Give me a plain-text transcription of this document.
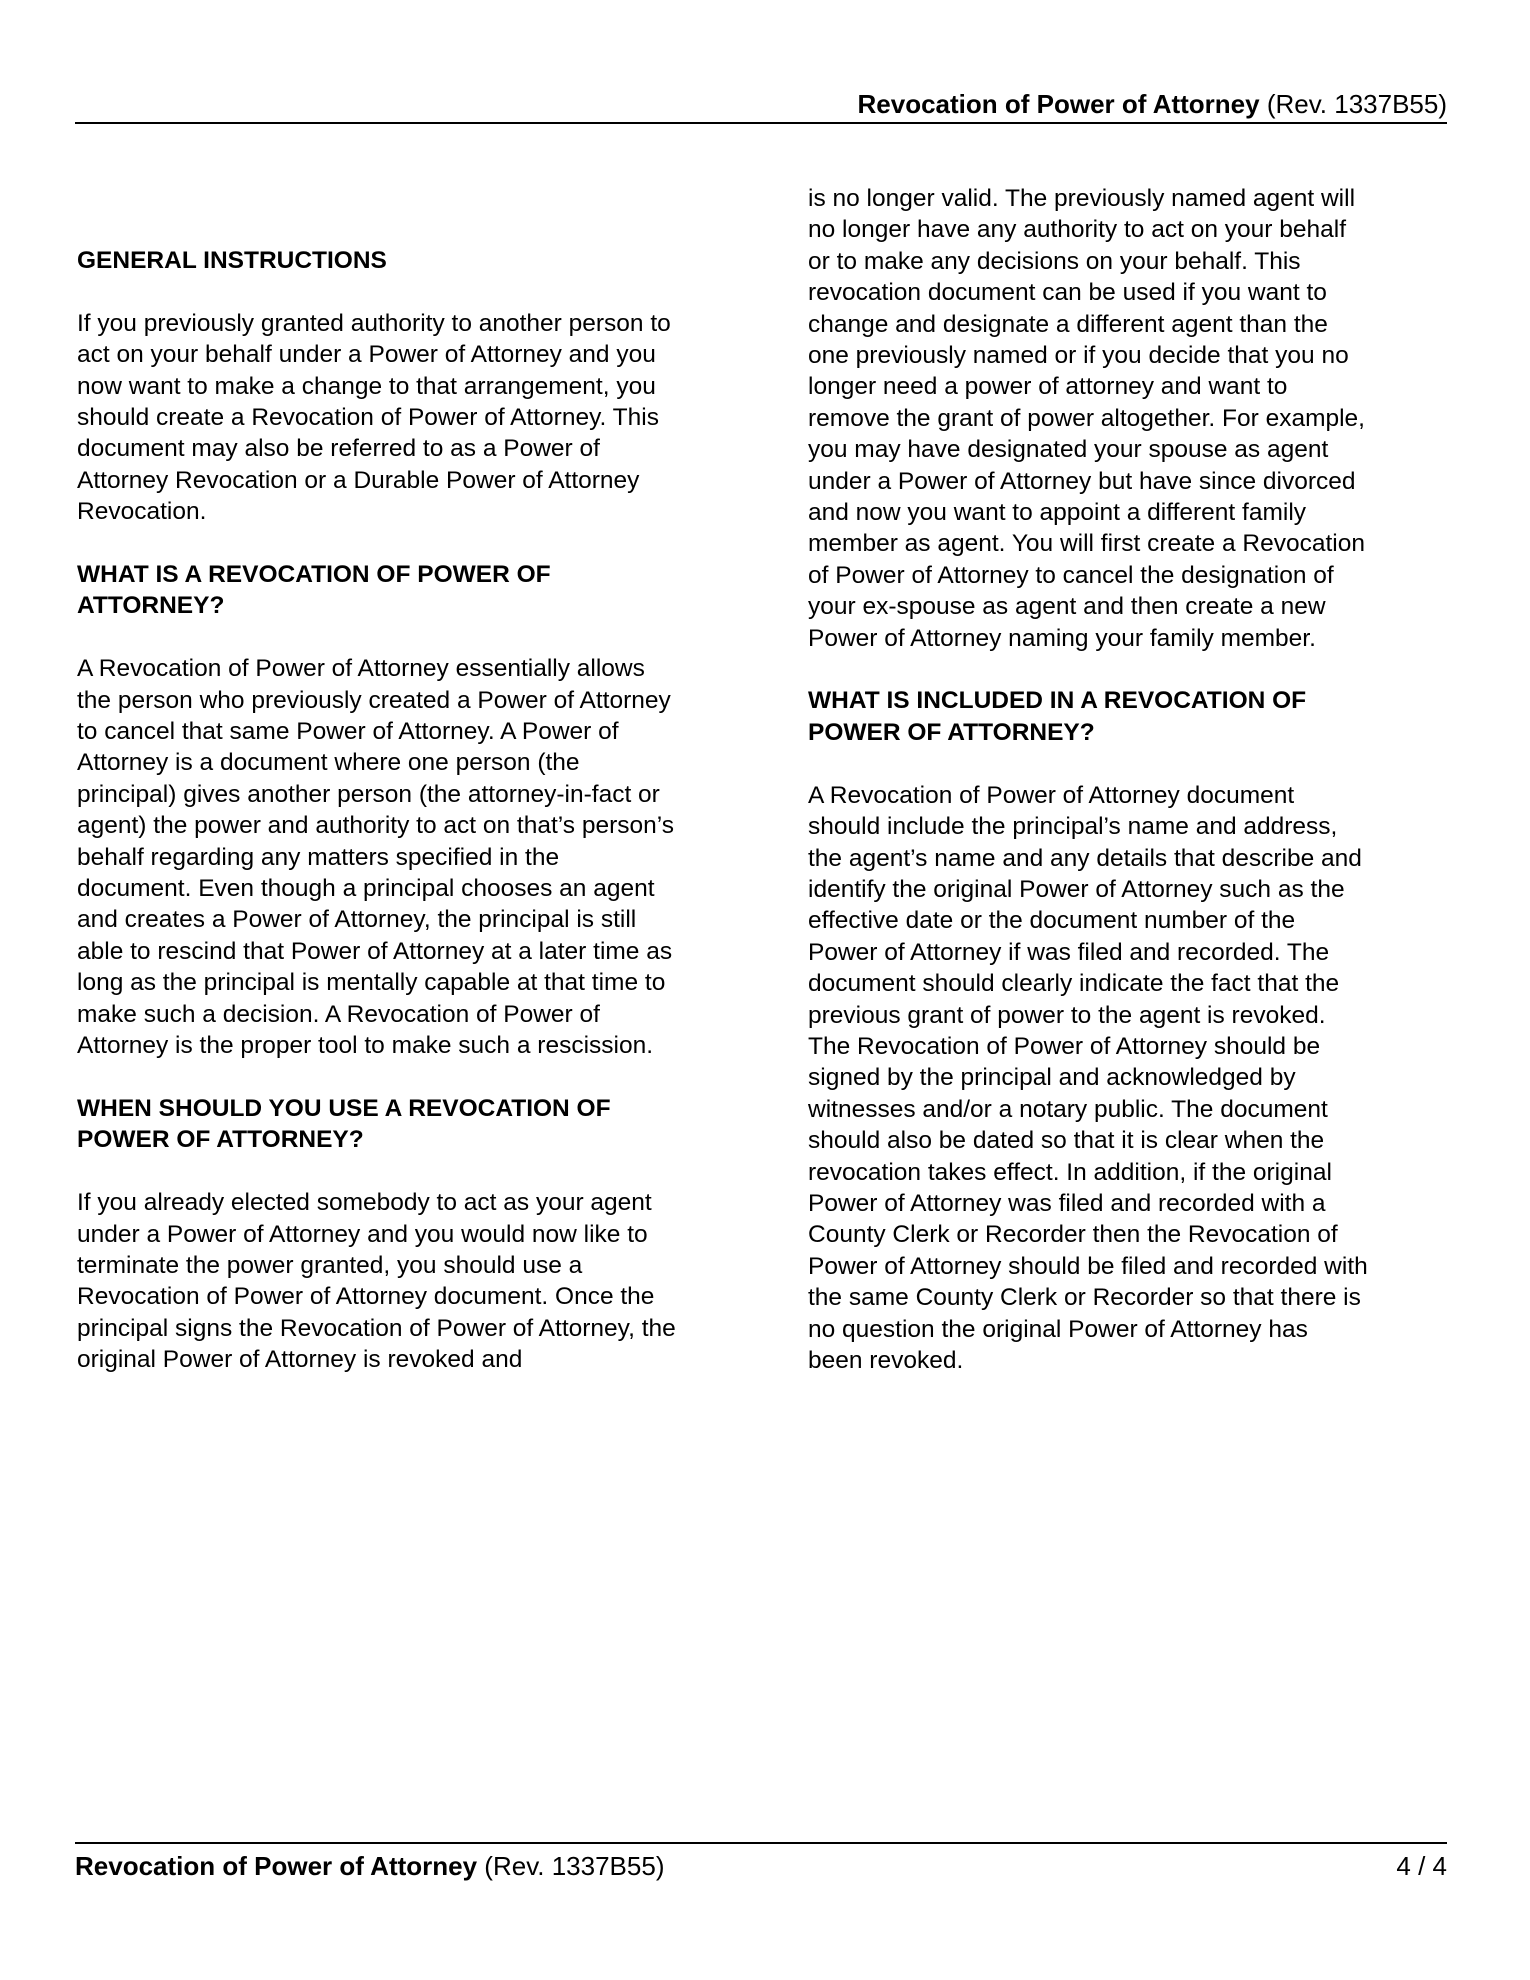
Revocation of Power of Attorney (Rev. 1337B55)
GENERAL INSTRUCTIONS

If you previously granted authority to another person to act on your behalf under a Power of Attorney and you now want to make a change to that arrangement, you should create a Revocation of Power of Attorney. This document may also be referred to as a Power of Attorney Revocation or a Durable Power of Attorney Revocation.

WHAT IS A REVOCATION OF POWER OF ATTORNEY?

A Revocation of Power of Attorney essentially allows the person who previously created a Power of Attorney to cancel that same Power of Attorney. A Power of Attorney is a document where one person (the principal) gives another person (the attorney-in-fact or agent) the power and authority to act on that’s person’s behalf regarding any matters specified in the document. Even though a principal chooses an agent and creates a Power of Attorney, the principal is still able to rescind that Power of Attorney at a later time as long as the principal is mentally capable at that time to make such a decision. A Revocation of Power of Attorney is the proper tool to make such a rescission.

WHEN SHOULD YOU USE A REVOCATION OF POWER OF ATTORNEY?

If you already elected somebody to act as your agent under a Power of Attorney and you would now like to terminate the power granted, you should use a Revocation of Power of Attorney document. Once the principal signs the Revocation of Power of Attorney, the original Power of Attorney is revoked and

is no longer valid. The previously named agent will no longer have any authority to act on your behalf or to make any decisions on your behalf. This revocation document can be used if you want to change and designate a different agent than the one previously named or if you decide that you no longer need a power of attorney and want to remove the grant of power altogether. For example, you may have designated your spouse as agent under a Power of Attorney but have since divorced and now you want to appoint a different family member as agent. You will first create a Revocation of Power of Attorney to cancel the designation of your ex-spouse as agent and then create a new Power of Attorney naming your family member.

WHAT IS INCLUDED IN A REVOCATION OF POWER OF ATTORNEY?

A Revocation of Power of Attorney document should include the principal’s name and address, the agent’s name and any details that describe and identify the original Power of Attorney such as the effective date or the document number of the Power of Attorney if was filed and recorded. The document should clearly indicate the fact that the previous grant of power to the agent is revoked. The Revocation of Power of Attorney should be signed by the principal and acknowledged by witnesses and/or a notary public. The document should also be dated so that it is clear when the revocation takes effect. In addition, if the original Power of Attorney was filed and recorded with a County Clerk or Recorder then the Revocation of Power of Attorney should be filed and recorded with the same County Clerk or Recorder so that there is no question the original Power of Attorney has been revoked.

Revocation of Power of Attorney (Rev. 1337B55)	4 / 4
